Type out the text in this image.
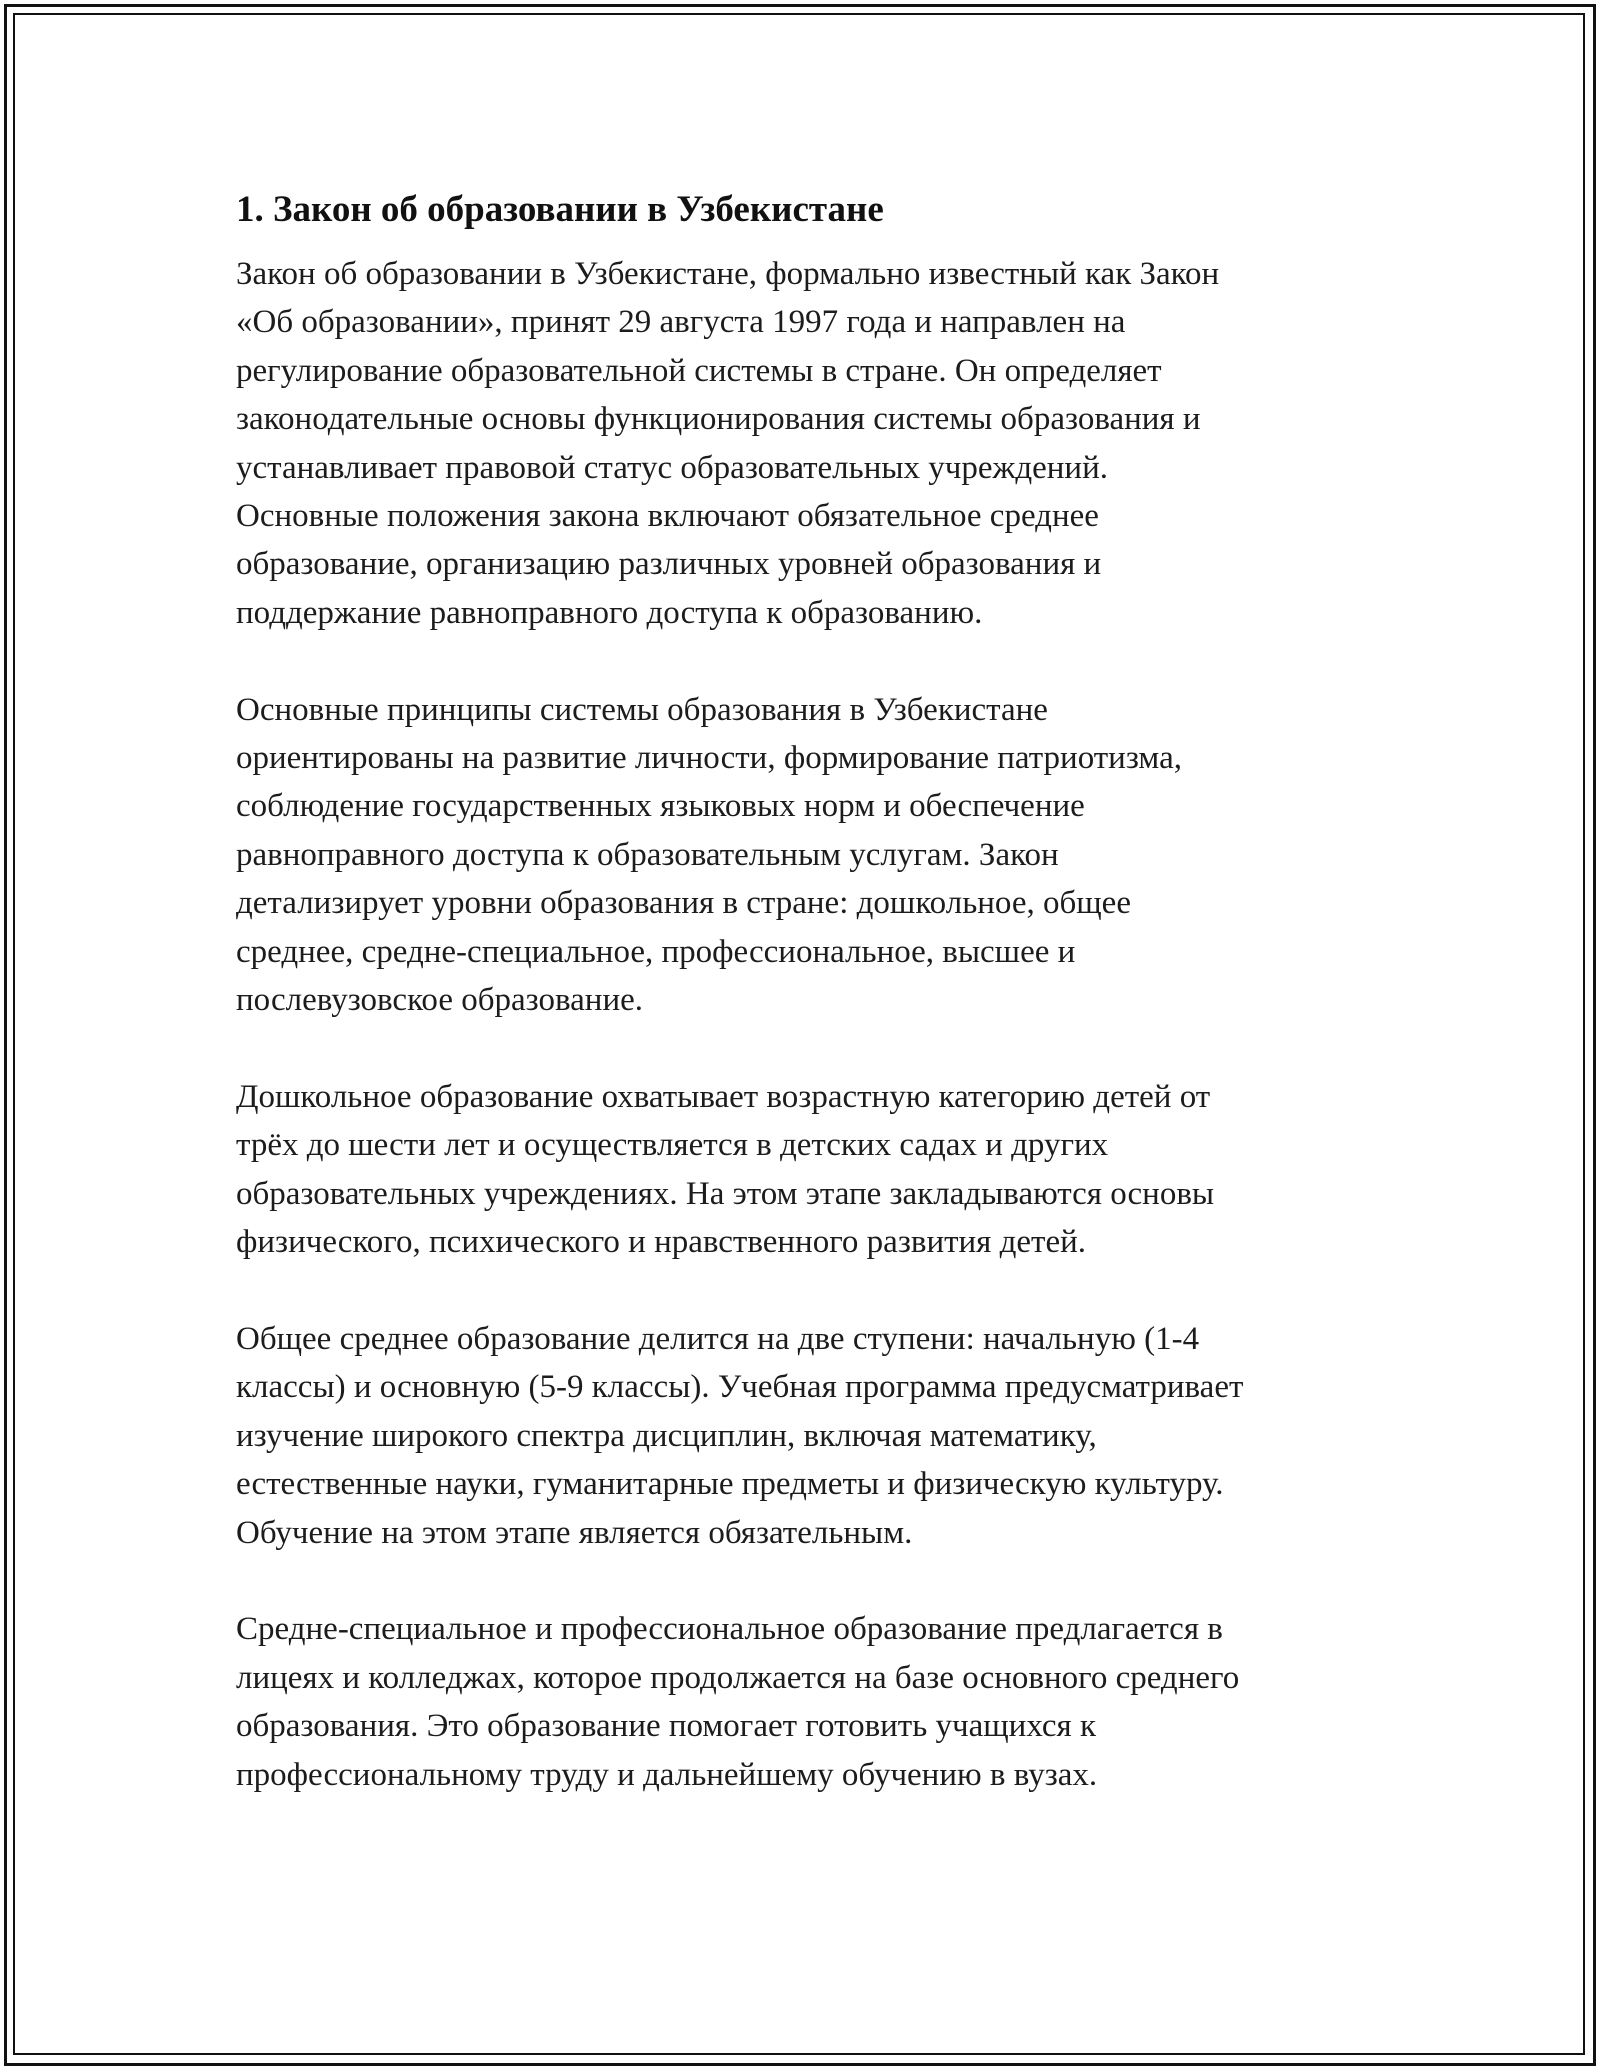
1. Закон об образовании в Узбекистане

Закон об образовании в Узбекистане, формально известный как Закон
«Об образовании», принят 29 августа 1997 года и направлен на
регулирование образовательной системы в стране. Он определяет
законодательные основы функционирования системы образования и
устанавливает правовой статус образовательных учреждений.
Основные положения закона включают обязательное среднее
образование, организацию различных уровней образования и
поддержание равноправного доступа к образованию.

Основные принципы системы образования в Узбекистане
ориентированы на развитие личности, формирование патриотизма,
соблюдение государственных языковых норм и обеспечение
равноправного доступа к образовательным услугам. Закон
детализирует уровни образования в стране: дошкольное, общее
среднее, средне-специальное, профессиональное, высшее и
послевузовское образование.

Дошкольное образование охватывает возрастную категорию детей от
трёх до шести лет и осуществляется в детских садах и других
образовательных учреждениях. На этом этапе закладываются основы
физического, психического и нравственного развития детей.

Общее среднее образование делится на две ступени: начальную (1-4
классы) и основную (5-9 классы). Учебная программа предусматривает
изучение широкого спектра дисциплин, включая математику,
естественные науки, гуманитарные предметы и физическую культуру.
Обучение на этом этапе является обязательным.

Средне-специальное и профессиональное образование предлагается в
лицеях и колледжах, которое продолжается на базе основного среднего
образования. Это образование помогает готовить учащихся к
профессиональному труду и дальнейшему обучению в вузах.
